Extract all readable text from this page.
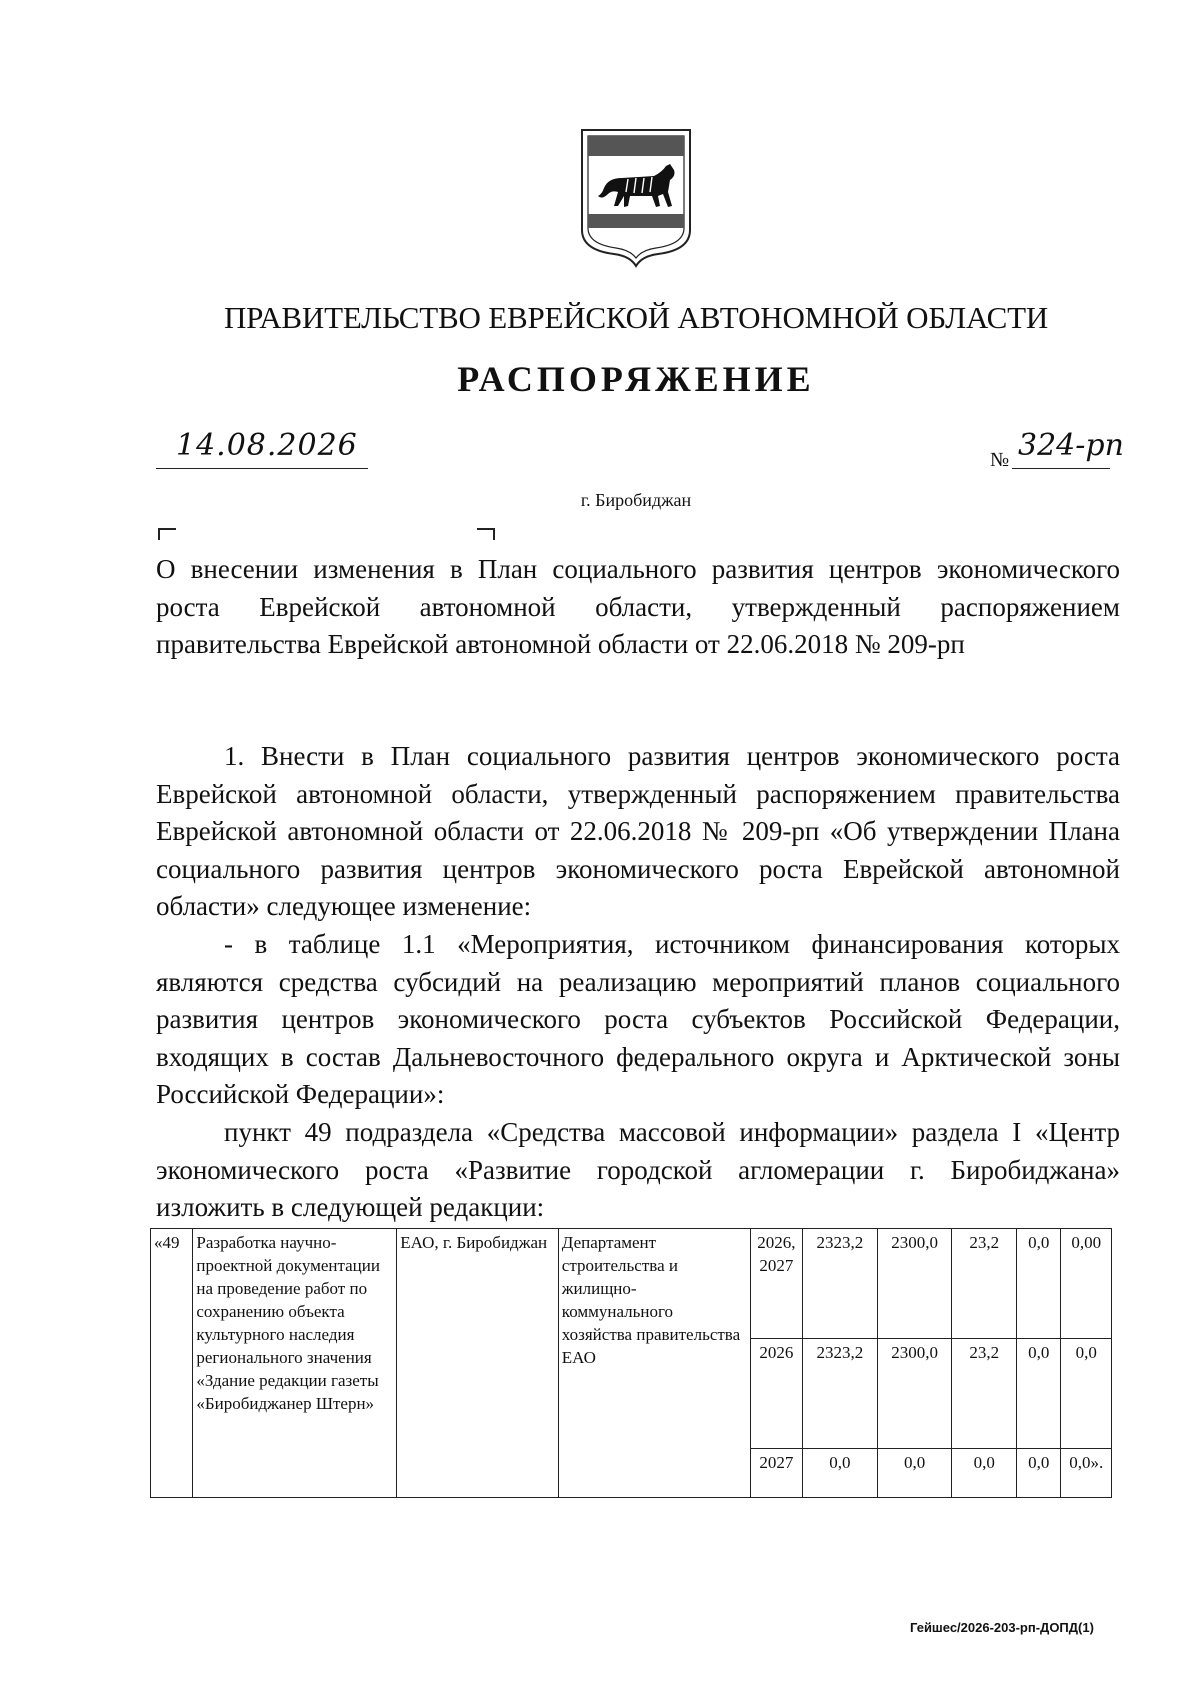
ПРАВИТЕЛЬСТВО ЕВРЕЙСКОЙ АВТОНОМНОЙ ОБЛАСТИ
РАСПОРЯЖЕНИЕ
14.08.2026	№ 324-рп
г. Биробиджан
О внесении изменения в План социального развития центров экономического роста Еврейской автономной области, утвержденный распоряжением правительства Еврейской автономной области от 22.06.2018 № 209-рп

1. Внести в План социального развития центров экономического роста Еврейской автономной области, утвержденный распоряжением правительства Еврейской автономной области от 22.06.2018 № 209-рп «Об утверждении Плана социального развития центров экономического роста Еврейской автономной области» следующее изменение:

- в таблице 1.1 «Мероприятия, источником финансирования которых являются средства субсидий на реализацию мероприятий планов социального развития центров экономического роста субъектов Российской Федерации, входящих в состав Дальневосточного федерального округа и Арктической зоны Российской Федерации»:

пункт 49 подраздела «Средства массовой информации» раздела I «Центр экономического роста «Развитие городской агломерации г. Биробиджана» изложить в следующей редакции:

«49	Разработка научно-проектной документации на проведение работ по сохранению объекта культурного наследия регионального значения «Здание редакции газеты «Биробиджанер Штерн»	ЕАО, г. Биробиджан	Департамент строительства и жилищно-коммунального хозяйства правительства ЕАО	2026, 2027	2323,2	2300,0	23,2	0,0	0,00
				2026	2323,2	2300,0	23,2	0,0	0,0
				2027	0,0	0,0	0,0	0,0	0,0».
Гейшес/2026-203-рп-ДОПД(1)
